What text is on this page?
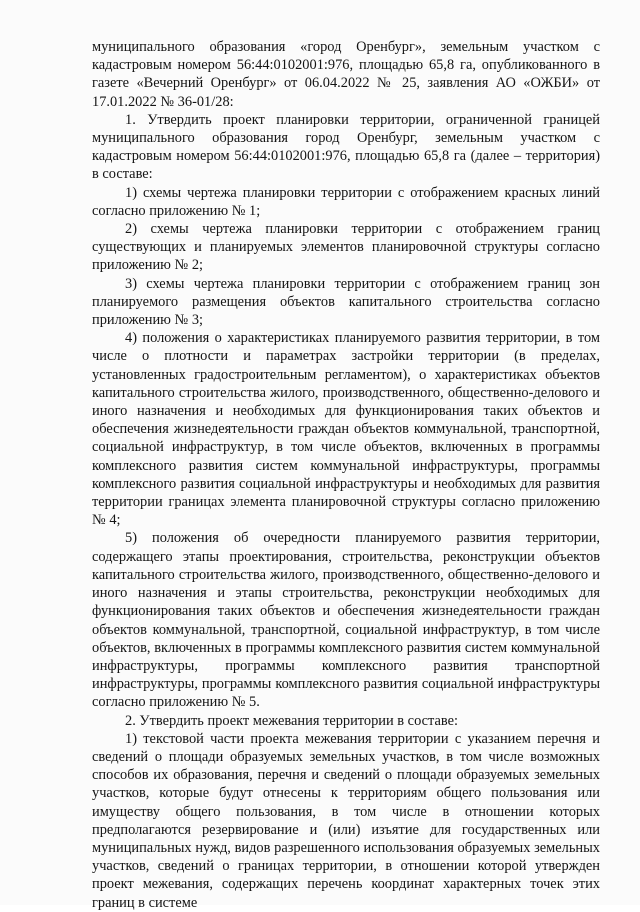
муниципального образования «город Оренбург», земельным участком с кадастровым номером 56:44:0102001:976, площадью 65,8 га, опубликованного в газете «Вечерний Оренбург» от 06.04.2022 № 25, заявления АО «ОЖБИ» от 17.01.2022 № 36-01/28:

1. Утвердить проект планировки территории, ограниченной границей муниципального образования город Оренбург, земельным участком с кадастровым номером 56:44:0102001:976, площадью 65,8 га (далее – территория) в составе:

1) схемы чертежа планировки территории с отображением красных линий согласно приложению № 1;

2) схемы чертежа планировки территории с отображением границ существующих и планируемых элементов планировочной структуры согласно приложению № 2;

3) схемы чертежа планировки территории с отображением границ зон планируемого размещения объектов капитального строительства согласно приложению № 3;

4) положения о характеристиках планируемого развития территории, в том числе о плотности и параметрах застройки территории (в пределах, установленных градостроительным регламентом), о характеристиках объектов капитального строительства жилого, производственного, общественно-делового и иного назначения и необходимых для функционирования таких объектов и обеспечения жизнедеятельности граждан объектов коммунальной, транспортной, социальной инфраструктур, в том числе объектов, включенных в программы комплексного развития систем коммунальной инфраструктуры, программы комплексного развития социальной инфраструктуры и необходимых для развития территории границах элемента планировочной структуры согласно приложению № 4;

5) положения об очередности планируемого развития территории, содержащего этапы проектирования, строительства, реконструкции объектов капитального строительства жилого, производственного, общественно-делового и иного назначения и этапы строительства, реконструкции необходимых для функционирования таких объектов и обеспечения жизнедеятельности граждан объектов коммунальной, транспортной, социальной инфраструктур, в том числе объектов, включенных в программы комплексного развития систем коммунальной инфраструктуры, программы комплексного развития транспортной инфраструктуры, программы комплексного развития социальной инфраструктуры согласно приложению № 5.

2. Утвердить проект межевания территории в составе:

1) текстовой части проекта межевания территории с указанием перечня и сведений о площади образуемых земельных участков, в том числе возможных способов их образования, перечня и сведений о площади образуемых земельных участков, которые будут отнесены к территориям общего пользования или имуществу общего пользования, в том числе в отношении которых предполагаются резервирование и (или) изъятие для государственных или муниципальных нужд, видов разрешенного использования образуемых земельных участков, сведений о границах территории, в отношении которой утвержден проект межевания, содержащих перечень координат характерных точек этих границ в системе
